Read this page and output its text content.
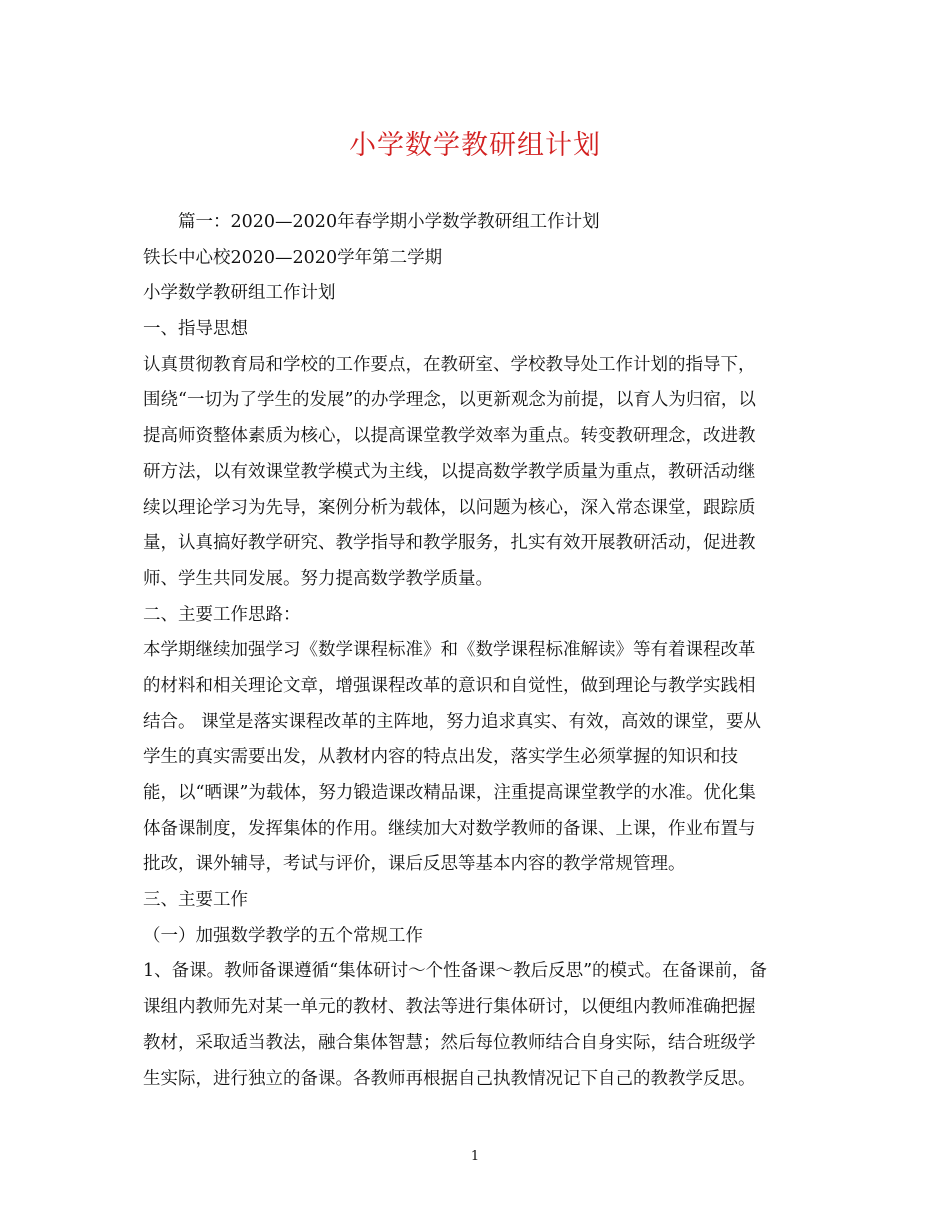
小学数学教研组计划
篇一：2020—2020年春学期小学数学教研组工作计划
铁长中心校2020—2020学年第二学期
小学数学教研组工作计划
一、指导思想
认真贯彻教育局和学校的工作要点，在教研室、学校教导处工作计划的指导下，
围绕“一切为了学生的发展”的办学理念，以更新观念为前提，以育人为归宿，以
提高师资整体素质为核心，以提高课堂教学效率为重点。转变教研理念，改进教
研方法，以有效课堂教学模式为主线，以提高数学教学质量为重点，教研活动继
续以理论学习为先导，案例分析为载体，以问题为核心，深入常态课堂，跟踪质
量，认真搞好教学研究、教学指导和教学服务，扎实有效开展教研活动，促进教
师、学生共同发展。努力提高数学教学质量。
二、主要工作思路：
本学期继续加强学习《数学课程标准》和《数学课程标准解读》等有着课程改革
的材料和相关理论文章，增强课程改革的意识和自觉性，做到理论与教学实践相
结合。 课堂是落实课程改革的主阵地，努力追求真实、有效，高效的课堂，要从
学生的真实需要出发，从教材内容的特点出发，落实学生必须掌握的知识和技
能，以“晒课”为载体，努力锻造课改精品课，注重提高课堂教学的水准。优化集
体备课制度，发挥集体的作用。继续加大对数学教师的备课、上课，作业布置与
批改，课外辅导，考试与评价，课后反思等基本内容的教学常规管理。
三、主要工作
（一）加强数学教学的五个常规工作
1、备课。教师备课遵循“集体研讨～个性备课～教后反思”的模式。在备课前，备
课组内教师先对某一单元的教材、教法等进行集体研讨，以便组内教师准确把握
教材，采取适当教法，融合集体智慧；然后每位教师结合自身实际，结合班级学
生实际，进行独立的备课。各教师再根据自己执教情况记下自己的教教学反思。
1
